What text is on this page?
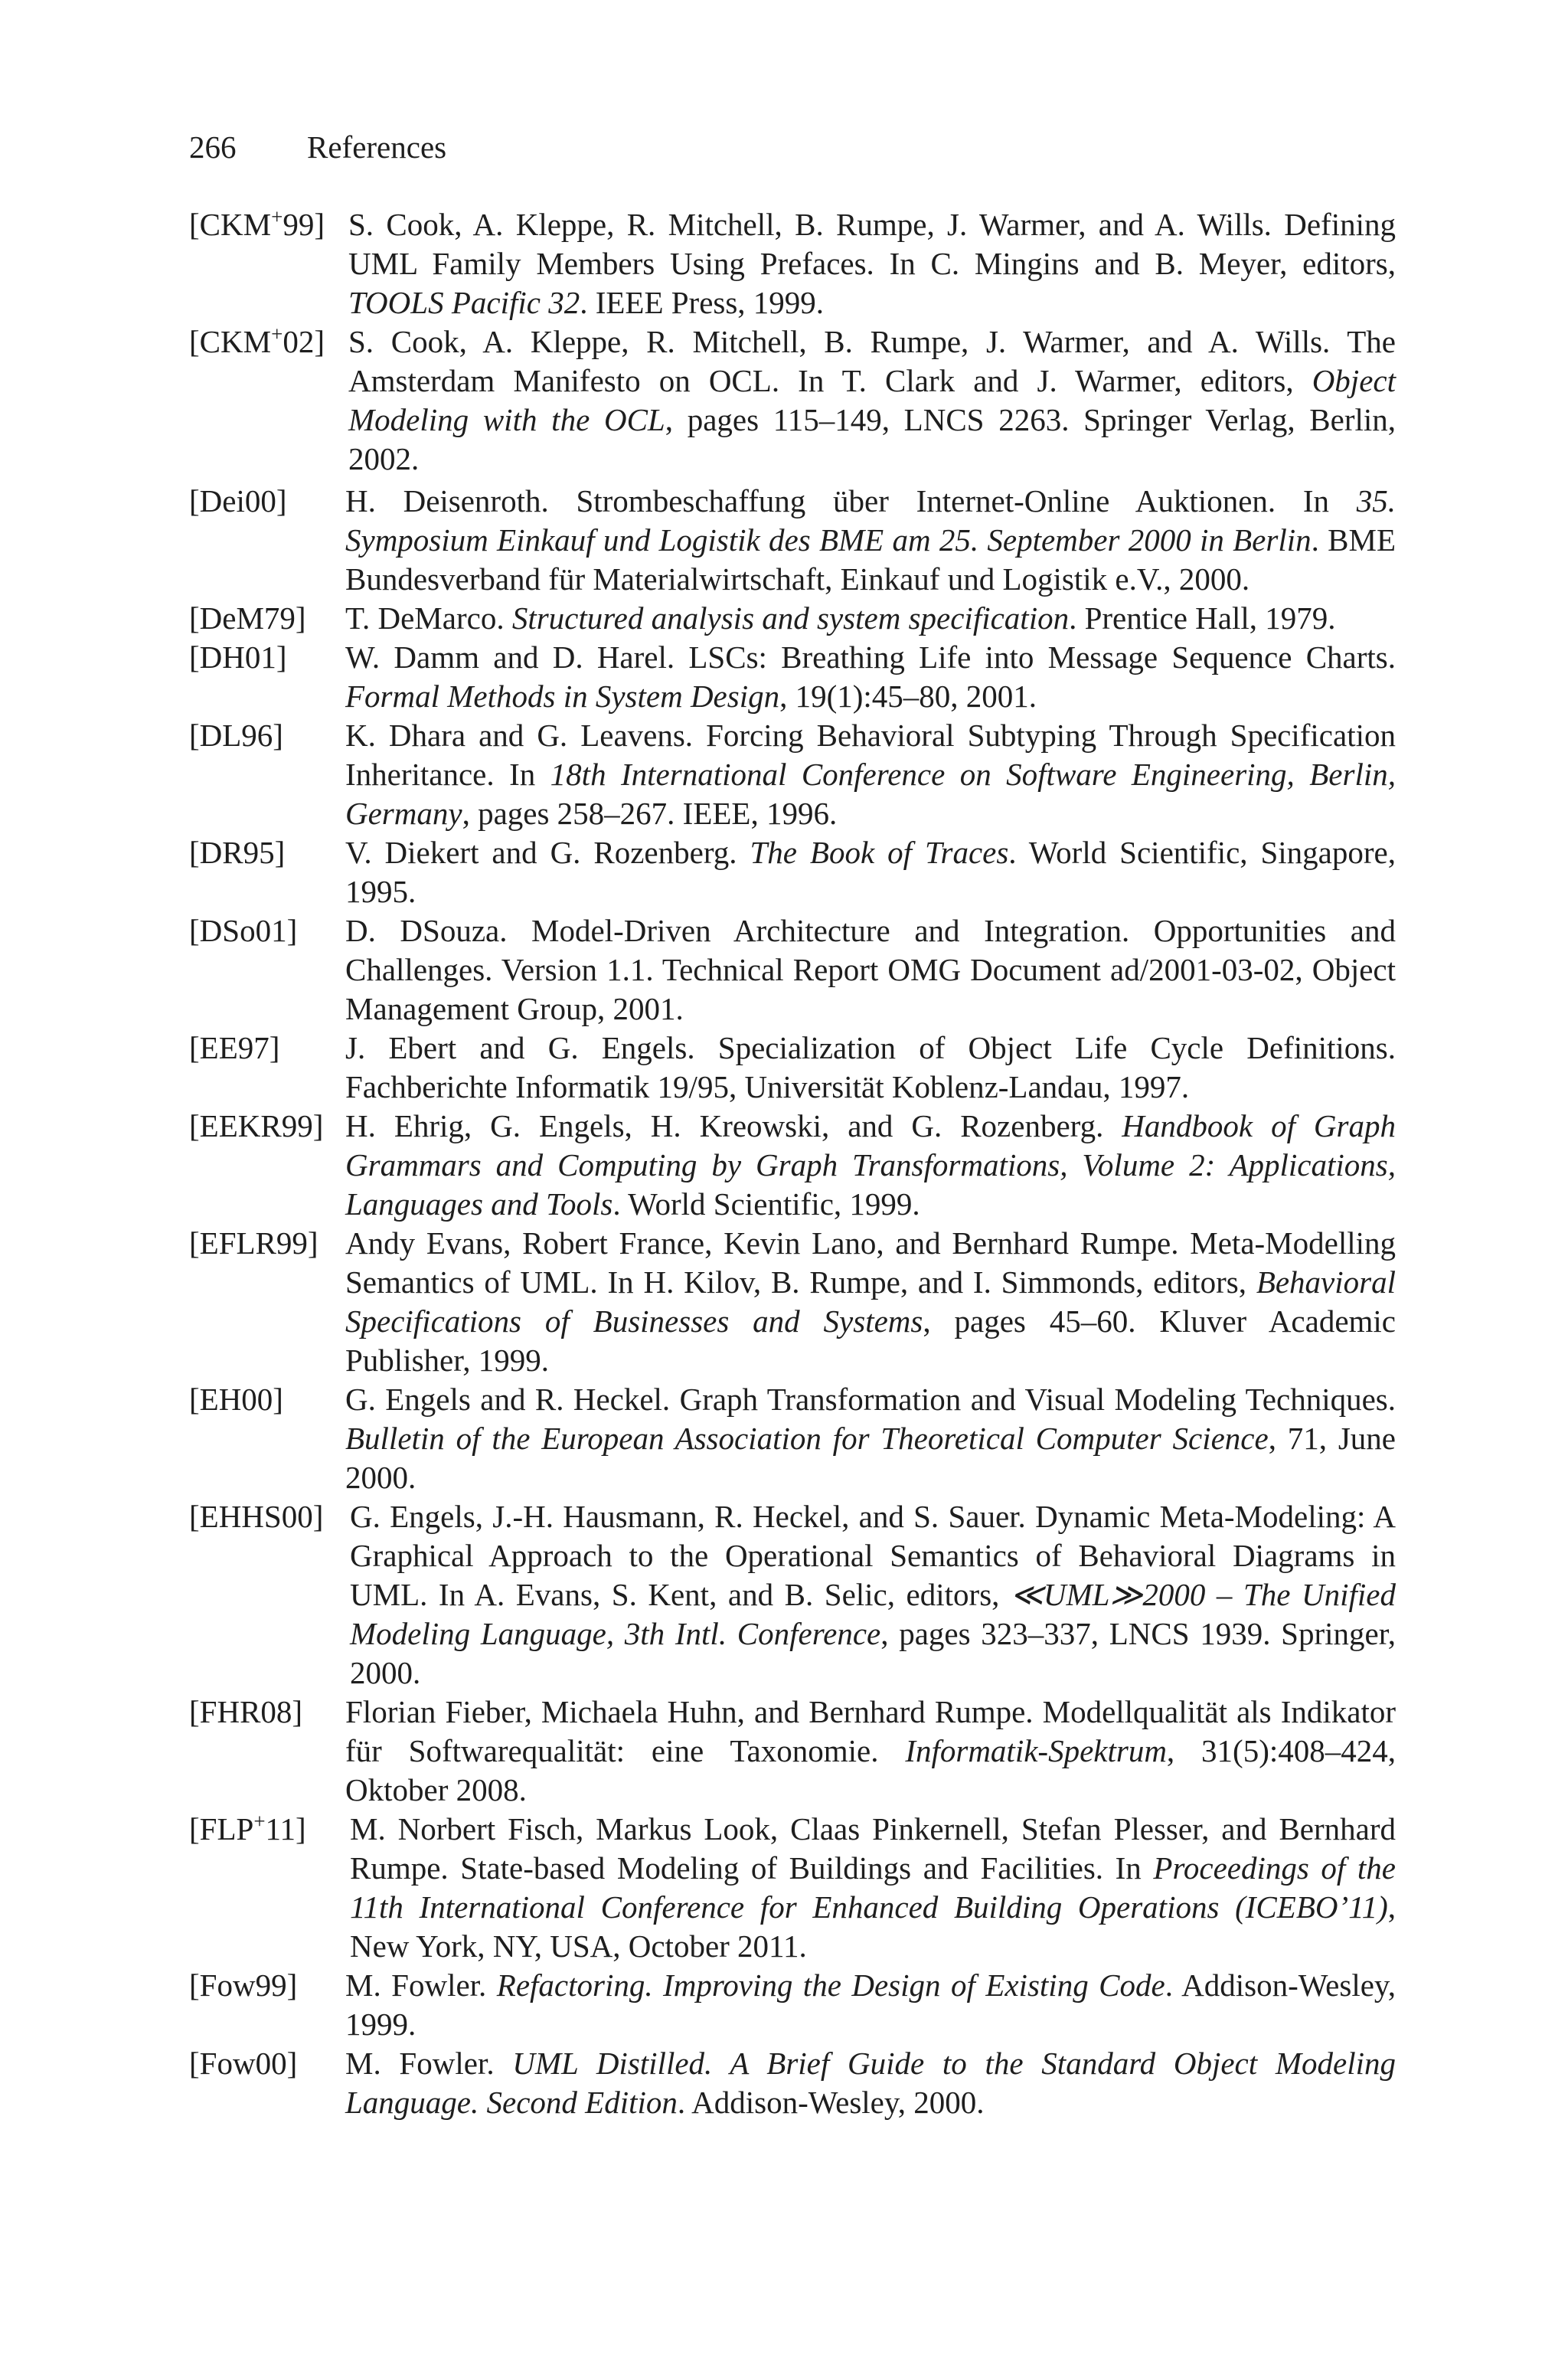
266 References
[CKM+99] S. Cook, A. Kleppe, R. Mitchell, B. Rumpe, J. Warmer, and A. Wills. Defining UML Family Members Using Prefaces. In C. Mingins and B. Meyer, editors, TOOLS Pacific 32. IEEE Press, 1999.
[CKM+02] S. Cook, A. Kleppe, R. Mitchell, B. Rumpe, J. Warmer, and A. Wills. The Amsterdam Manifesto on OCL. In T. Clark and J. Warmer, editors, Object Modeling with the OCL, pages 115–149, LNCS 2263. Springer Verlag, Berlin, 2002.
[Dei00]	H. Deisenroth. Strombeschaffung über Internet-Online Auktionen. In 35. Symposium Einkauf und Logistik des BME am 25. September 2000 in Berlin. BME Bundesverband für Materialwirtschaft, Einkauf und Logistik e.V., 2000.
[DeM79]	T. DeMarco. Structured analysis and system specification. Prentice Hall, 1979.
[DH01]	W. Damm and D. Harel. LSCs: Breathing Life into Message Sequence Charts. Formal Methods in System Design, 19(1):45–80, 2001.
[DL96]	K. Dhara and G. Leavens. Forcing Behavioral Subtyping Through Specification Inheritance. In 18th International Conference on Software Engineering, Berlin, Germany, pages 258–267. IEEE, 1996.
[DR95]	V. Diekert and G. Rozenberg. The Book of Traces. World Scientific, Singapore, 1995.
[DSo01]	D. DSouza. Model-Driven Architecture and Integration. Opportunities and Challenges. Version 1.1. Technical Report OMG Document ad/2001-03-02, Object Management Group, 2001.
[EE97]	J. Ebert and G. Engels. Specialization of Object Life Cycle Definitions. Fachberichte Informatik 19/95, Universität Koblenz-Landau, 1997.
[EEKR99] H. Ehrig, G. Engels, H. Kreowski, and G. Rozenberg. Handbook of Graph Grammars and Computing by Graph Transformations, Volume 2: Applications, Languages and Tools. World Scientific, 1999.
[EFLR99] Andy Evans, Robert France, Kevin Lano, and Bernhard Rumpe. Meta-Modelling Semantics of UML. In H. Kilov, B. Rumpe, and I. Simmonds, editors, Behavioral Specifications of Businesses and Systems, pages 45–60. Kluver Academic Publisher, 1999.
[EH00]	G. Engels and R. Heckel. Graph Transformation and Visual Modeling Techniques. Bulletin of the European Association for Theoretical Computer Science, 71, June 2000.
[EHHS00] G. Engels, J.-H. Hausmann, R. Heckel, and S. Sauer. Dynamic Meta-Modeling: A Graphical Approach to the Operational Semantics of Behavioral Diagrams in UML. In A. Evans, S. Kent, and B. Selic, editors, ≪UML≫2000 – The Unified Modeling Language, 3th Intl. Conference, pages 323–337, LNCS 1939. Springer, 2000.
[FHR08]	Florian Fieber, Michaela Huhn, and Bernhard Rumpe. Modellqualität als Indikator für Softwarequalität: eine Taxonomie. Informatik-Spektrum, 31(5):408–424, Oktober 2008.
[FLP+11]	M. Norbert Fisch, Markus Look, Claas Pinkernell, Stefan Plesser, and Bernhard Rumpe. State-based Modeling of Buildings and Facilities. In Proceedings of the 11th International Conference for Enhanced Building Operations (ICEBO’11), New York, NY, USA, October 2011.
[Fow99]	M. Fowler. Refactoring. Improving the Design of Existing Code. Addison-Wesley, 1999.
[Fow00]	M. Fowler. UML Distilled. A Brief Guide to the Standard Object Modeling Language. Second Edition. Addison-Wesley, 2000.
